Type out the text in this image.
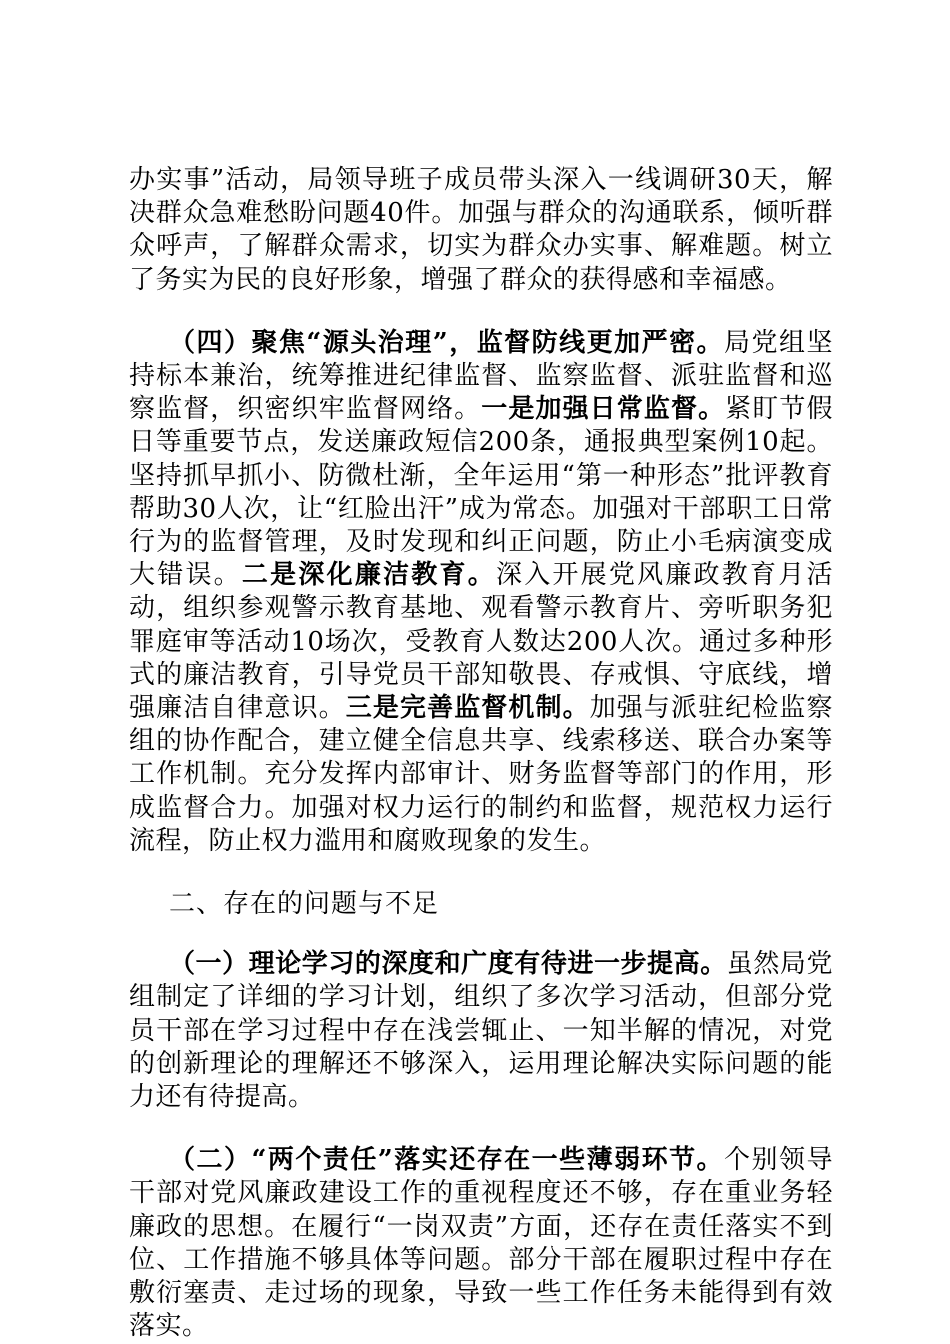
办实事”活动，局领导班子成员带头深入一线调研30天，解决群众急难愁盼问题40件。加强与群众的沟通联系，倾听群众呼声，了解群众需求，切实为群众办实事、解难题。树立了务实为民的良好形象，增强了群众的获得感和幸福感。

（四）聚焦“源头治理”，监督防线更加严密。局党组坚持标本兼治，统筹推进纪律监督、监察监督、派驻监督和巡察监督，织密织牢监督网络。一是加强日常监督。紧盯节假日等重要节点，发送廉政短信200条，通报典型案例10起。坚持抓早抓小、防微杜渐，全年运用“第一种形态”批评教育帮助30人次，让“红脸出汗”成为常态。加强对干部职工日常行为的监督管理，及时发现和纠正问题，防止小毛病演变成大错误。二是深化廉洁教育。深入开展党风廉政教育月活动，组织参观警示教育基地、观看警示教育片、旁听职务犯罪庭审等活动10场次，受教育人数达200人次。通过多种形式的廉洁教育，引导党员干部知敬畏、存戒惧、守底线，增强廉洁自律意识。三是完善监督机制。加强与派驻纪检监察组的协作配合，建立健全信息共享、线索移送、联合办案等工作机制。充分发挥内部审计、财务监督等部门的作用，形成监督合力。加强对权力运行的制约和监督，规范权力运行流程，防止权力滥用和腐败现象的发生。

二、存在的问题与不足

（一）理论学习的深度和广度有待进一步提高。虽然局党组制定了详细的学习计划，组织了多次学习活动，但部分党员干部在学习过程中存在浅尝辄止、一知半解的情况，对党的创新理论的理解还不够深入，运用理论解决实际问题的能力还有待提高。

（二）“两个责任”落实还存在一些薄弱环节。个别领导干部对党风廉政建设工作的重视程度还不够，存在重业务轻廉政的思想。在履行“一岗双责”方面，还存在责任落实不到位、工作措施不够具体等问题。部分干部在履职过程中存在敷衍塞责、走过场的现象，导致一些工作任务未能得到有效落实。
